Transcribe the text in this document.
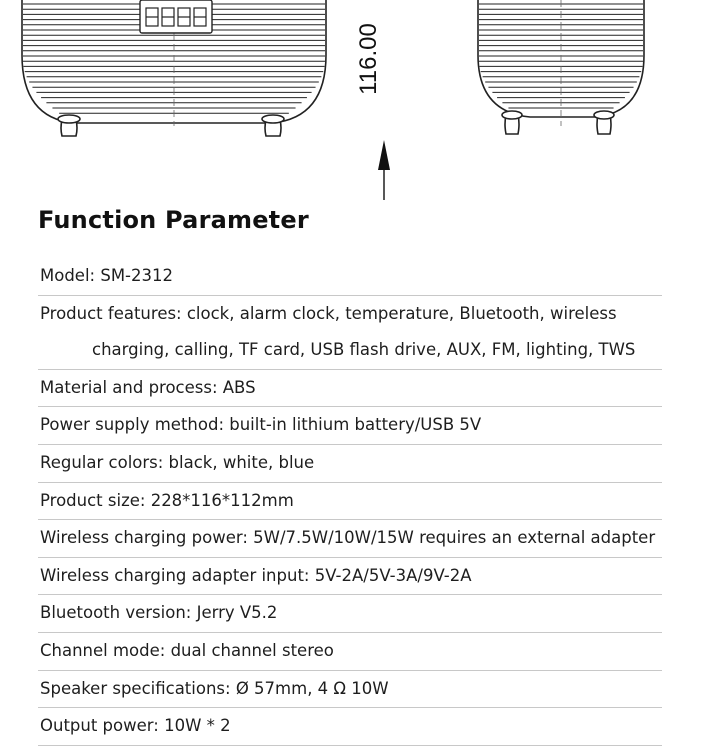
116.00
Function Parameter
Model: SM-2312
Product features: clock, alarm clock, temperature, Bluetooth, wireless
charging, calling, TF card, USB flash drive, AUX, FM, lighting, TWS
Material and process: ABS
Power supply method: built-in lithium battery/USB 5V
Regular colors: black, white, blue
Product size: 228*116*112mm
Wireless charging power: 5W/7.5W/10W/15W requires an external adapter
Wireless charging adapter input: 5V-2A/5V-3A/9V-2A
Bluetooth version: Jerry V5.2
Channel mode: dual channel stereo
Speaker specifications: Ø 57mm, 4 Ω 10W
Output power: 10W * 2
